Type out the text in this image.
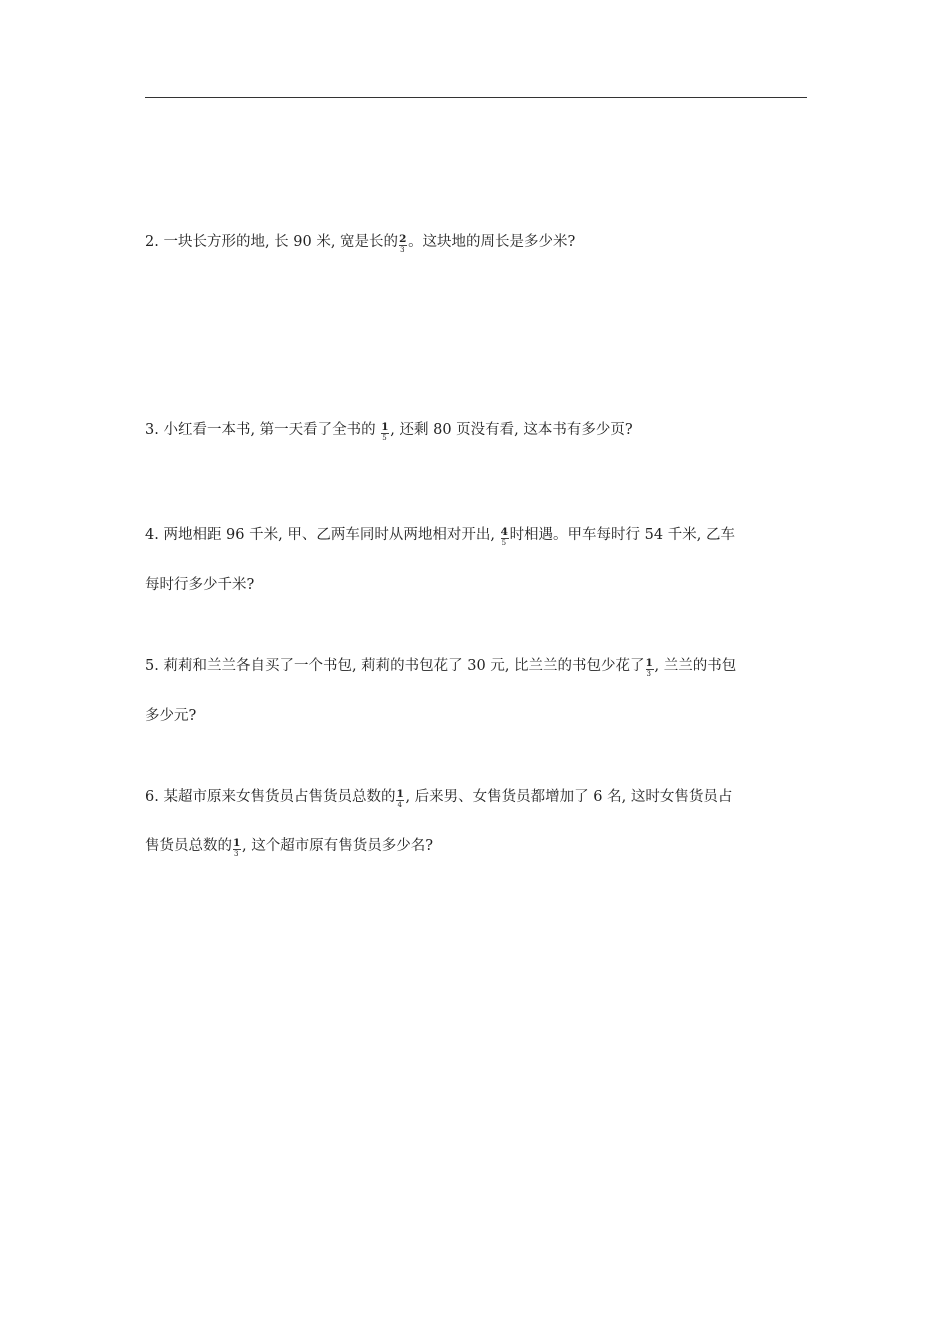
2. 一块长方形的地, 长 90 米, 宽是长的 $\frac{2}{3}$ 。这块地的周长是多少米?
3. 小红看一本书, 第一天看了全书的 $\frac{1}{5}$ , 还剩 80 页没有看, 这本书有多少页?
4. 两地相距 96 千米, 甲、乙两车同时从两地相对开出, $\frac{4}{5}$ 时相遇。甲车每时行 54 千米, 乙车
每时行多少千米?
5. 莉莉和兰兰各自买了一个书包, 莉莉的书包花了 30 元, 比兰兰的书包少花了 $\frac{1}{3}$ , 兰兰的书包
多少元?
6. 某超市原来女售货员占售货员总数的 $\frac{1}{4}$ , 后来男、女售货员都增加了 6 名, 这时女售货员占
售货员总数的 $\frac{1}{3}$ , 这个超市原有售货员多少名?
